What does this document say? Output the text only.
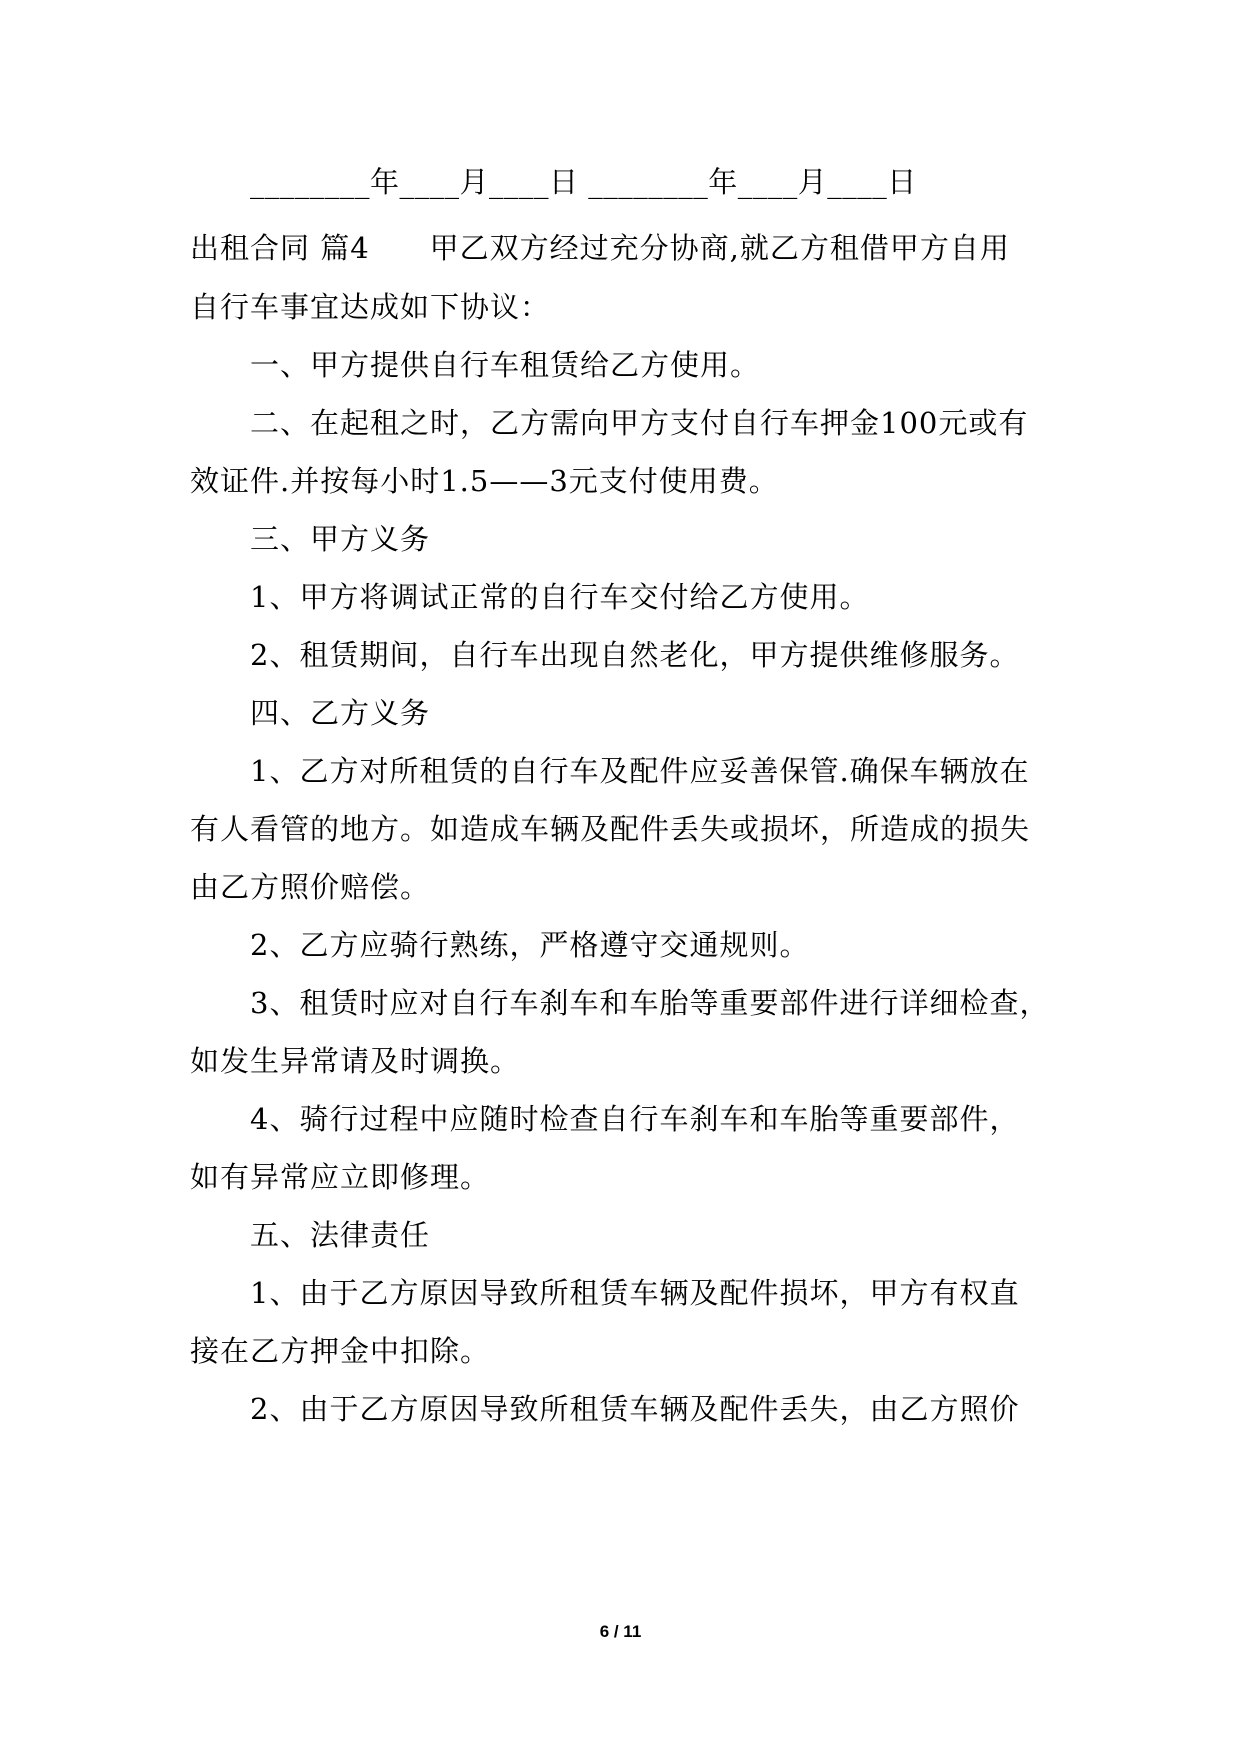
________年____月____日 ________年____月____日

出租合同 篇4　　甲乙双方经过充分协商,就乙方租借甲方自用

自行车事宜达成如下协议：

一、甲方提供自行车租赁给乙方使用。

二、在起租之时，乙方需向甲方支付自行车押金100元或有

效证件.并按每小时1.5——3元支付使用费。

三、甲方义务

1、甲方将调试正常的自行车交付给乙方使用。

2、租赁期间，自行车出现自然老化，甲方提供维修服务。

四、乙方义务

1、乙方对所租赁的自行车及配件应妥善保管.确保车辆放在

有人看管的地方。如造成车辆及配件丢失或损坏，所造成的损失

由乙方照价赔偿。

2、乙方应骑行熟练，严格遵守交通规则。

3、租赁时应对自行车刹车和车胎等重要部件进行详细检查，

如发生异常请及时调换。

4、骑行过程中应随时检查自行车刹车和车胎等重要部件，

如有异常应立即修理。

五、法律责任

1、由于乙方原因导致所租赁车辆及配件损坏，甲方有权直

接在乙方押金中扣除。

2、由于乙方原因导致所租赁车辆及配件丢失，由乙方照价

6 / 11
